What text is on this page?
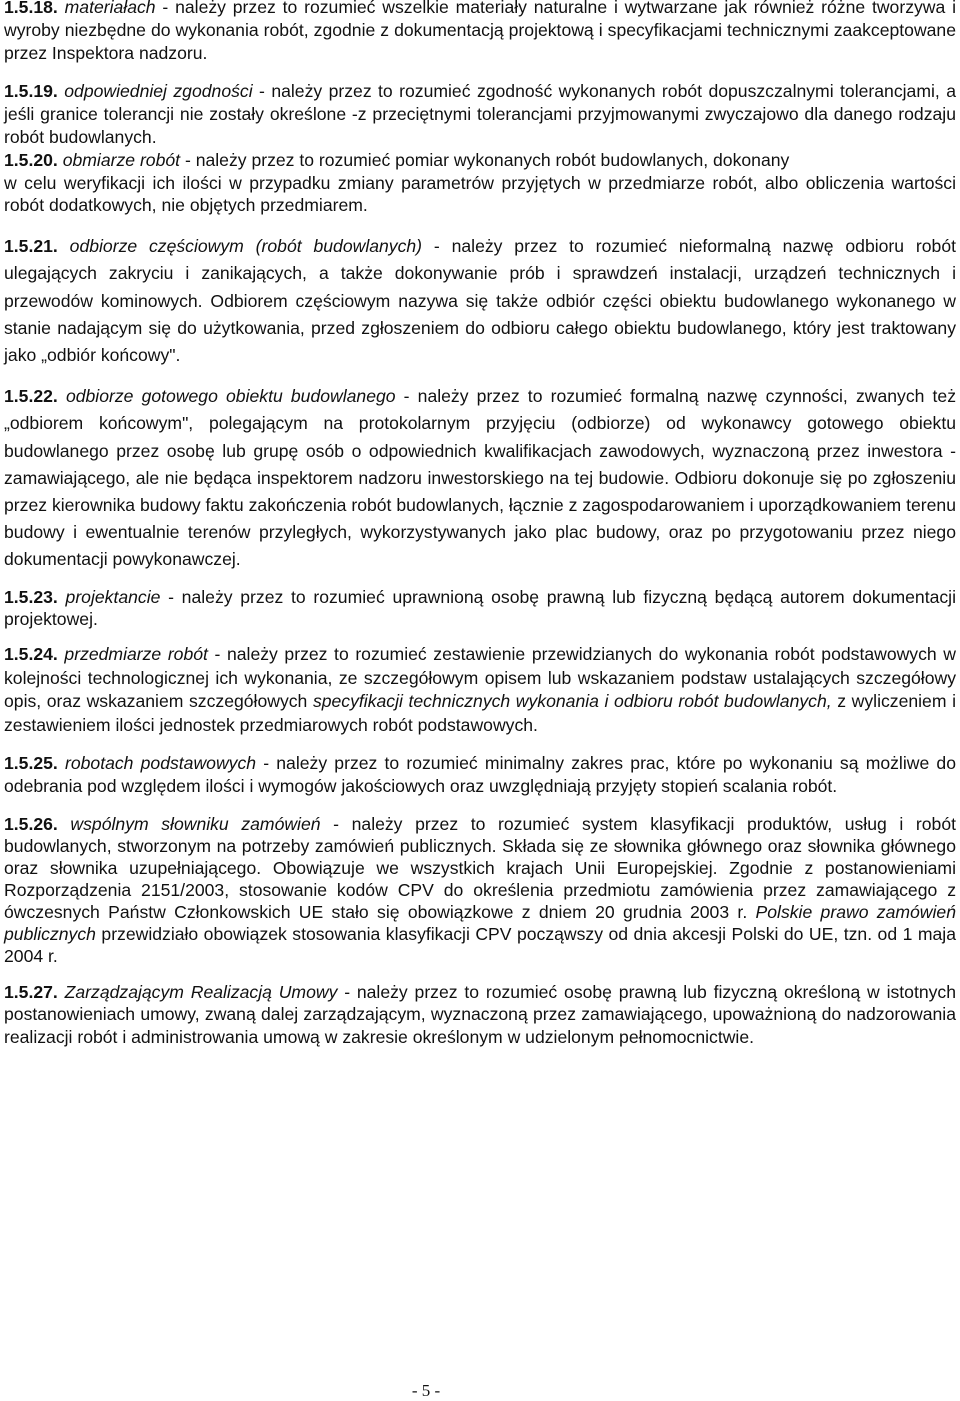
1.5.18. materiałach - należy przez to rozumieć wszelkie materiały naturalne i wytwarzane jak również różne tworzywa i wyroby niezbędne do wykonania robót, zgodnie z dokumentacją projektową i specyfikacjami technicznymi zaakceptowane przez Inspektora nadzoru.

1.5.19. odpowiedniej zgodności - należy przez to rozumieć zgodność wykonanych robót dopuszczalnymi tolerancjami, a jeśli granice tolerancji nie zostały określone -z przeciętnymi tolerancjami przyjmowanymi zwyczajowo dla danego rodzaju robót budowlanych.

1.5.20. obmiarze robót - należy przez to rozumieć pomiar wykonanych robót budowlanych, dokonany

w celu weryfikacji ich ilości w przypadku zmiany parametrów przyjętych w przedmiarze robót, albo obliczenia wartości robót dodatkowych, nie objętych przedmiarem.

1.5.21. odbiorze częściowym (robót budowlanych) - należy przez to rozumieć nieformalną nazwę odbioru robót ulegających zakryciu i zanikających, a także dokonywanie prób i sprawdzeń instalacji, urządzeń technicznych i przewodów kominowych. Odbiorem częściowym nazywa się także odbiór części obiektu budowlanego wykonanego w stanie nadającym się do użytkowania, przed zgłoszeniem do odbioru całego obiektu budowlanego, który jest traktowany jako „odbiór końcowy".

1.5.22. odbiorze gotowego obiektu budowlanego - należy przez to rozumieć formalną nazwę czynności, zwanych też „odbiorem końcowym", polegającym na protokolarnym przyjęciu (odbiorze) od wykonawcy gotowego obiektu budowlanego przez osobę lub grupę osób o odpowiednich kwalifikacjach zawodowych, wyznaczoną przez inwestora - zamawiającego, ale nie będąca inspektorem nadzoru inwestorskiego na tej budowie. Odbioru dokonuje się po zgłoszeniu przez kierownika budowy faktu zakończenia robót budowlanych, łącznie z zagospodarowaniem i uporządkowaniem terenu budowy i ewentualnie terenów przyległych, wykorzystywanych jako plac budowy, oraz po przygotowaniu przez niego dokumentacji powykonawczej.

1.5.23. projektancie - należy przez to rozumieć uprawnioną osobę prawną lub fizyczną będącą autorem dokumentacji projektowej.

1.5.24. przedmiarze robót - należy przez to rozumieć zestawienie przewidzianych do wykonania robót podstawowych w kolejności technologicznej ich wykonania, ze szczegółowym opisem lub wskazaniem podstaw ustalających szczegółowy opis, oraz wskazaniem szczegółowych specyfikacji technicznych wykonania i odbioru robót budowlanych, z wyliczeniem i zestawieniem ilości jednostek przedmiarowych robót podstawowych.

1.5.25. robotach podstawowych - należy przez to rozumieć minimalny zakres prac, które po wykonaniu są możliwe do odebrania pod względem ilości i wymogów jakościowych oraz uwzględniają przyjęty stopień scalania robót.

1.5.26. wspólnym słowniku zamówień - należy przez to rozumieć system klasyfikacji produktów, usług i robót budowlanych, stworzonym na potrzeby zamówień publicznych. Składa się ze słownika głównego oraz słownika głównego oraz słownika uzupełniającego. Obowiązuje we wszystkich krajach Unii Europejskiej. Zgodnie z postanowieniami Rozporządzenia 2151/2003, stosowanie kodów CPV do określenia przedmiotu zamówienia przez zamawiającego z ówczesnych Państw Członkowskich UE stało się obowiązkowe z dniem 20 grudnia 2003 r. Polskie prawo zamówień publicznych przewidziało obowiązek stosowania klasyfikacji CPV począwszy od dnia akcesji Polski do UE, tzn. od 1 maja 2004 r.

1.5.27. Zarządzającym Realizacją Umowy - należy przez to rozumieć osobę prawną lub fizyczną określoną w istotnych postanowieniach umowy, zwaną dalej zarządzającym, wyznaczoną przez zamawiającego, upoważnioną do nadzorowania realizacji robót i administrowania umową w zakresie określonym w udzielonym pełnomocnictwie.

- 5 -
